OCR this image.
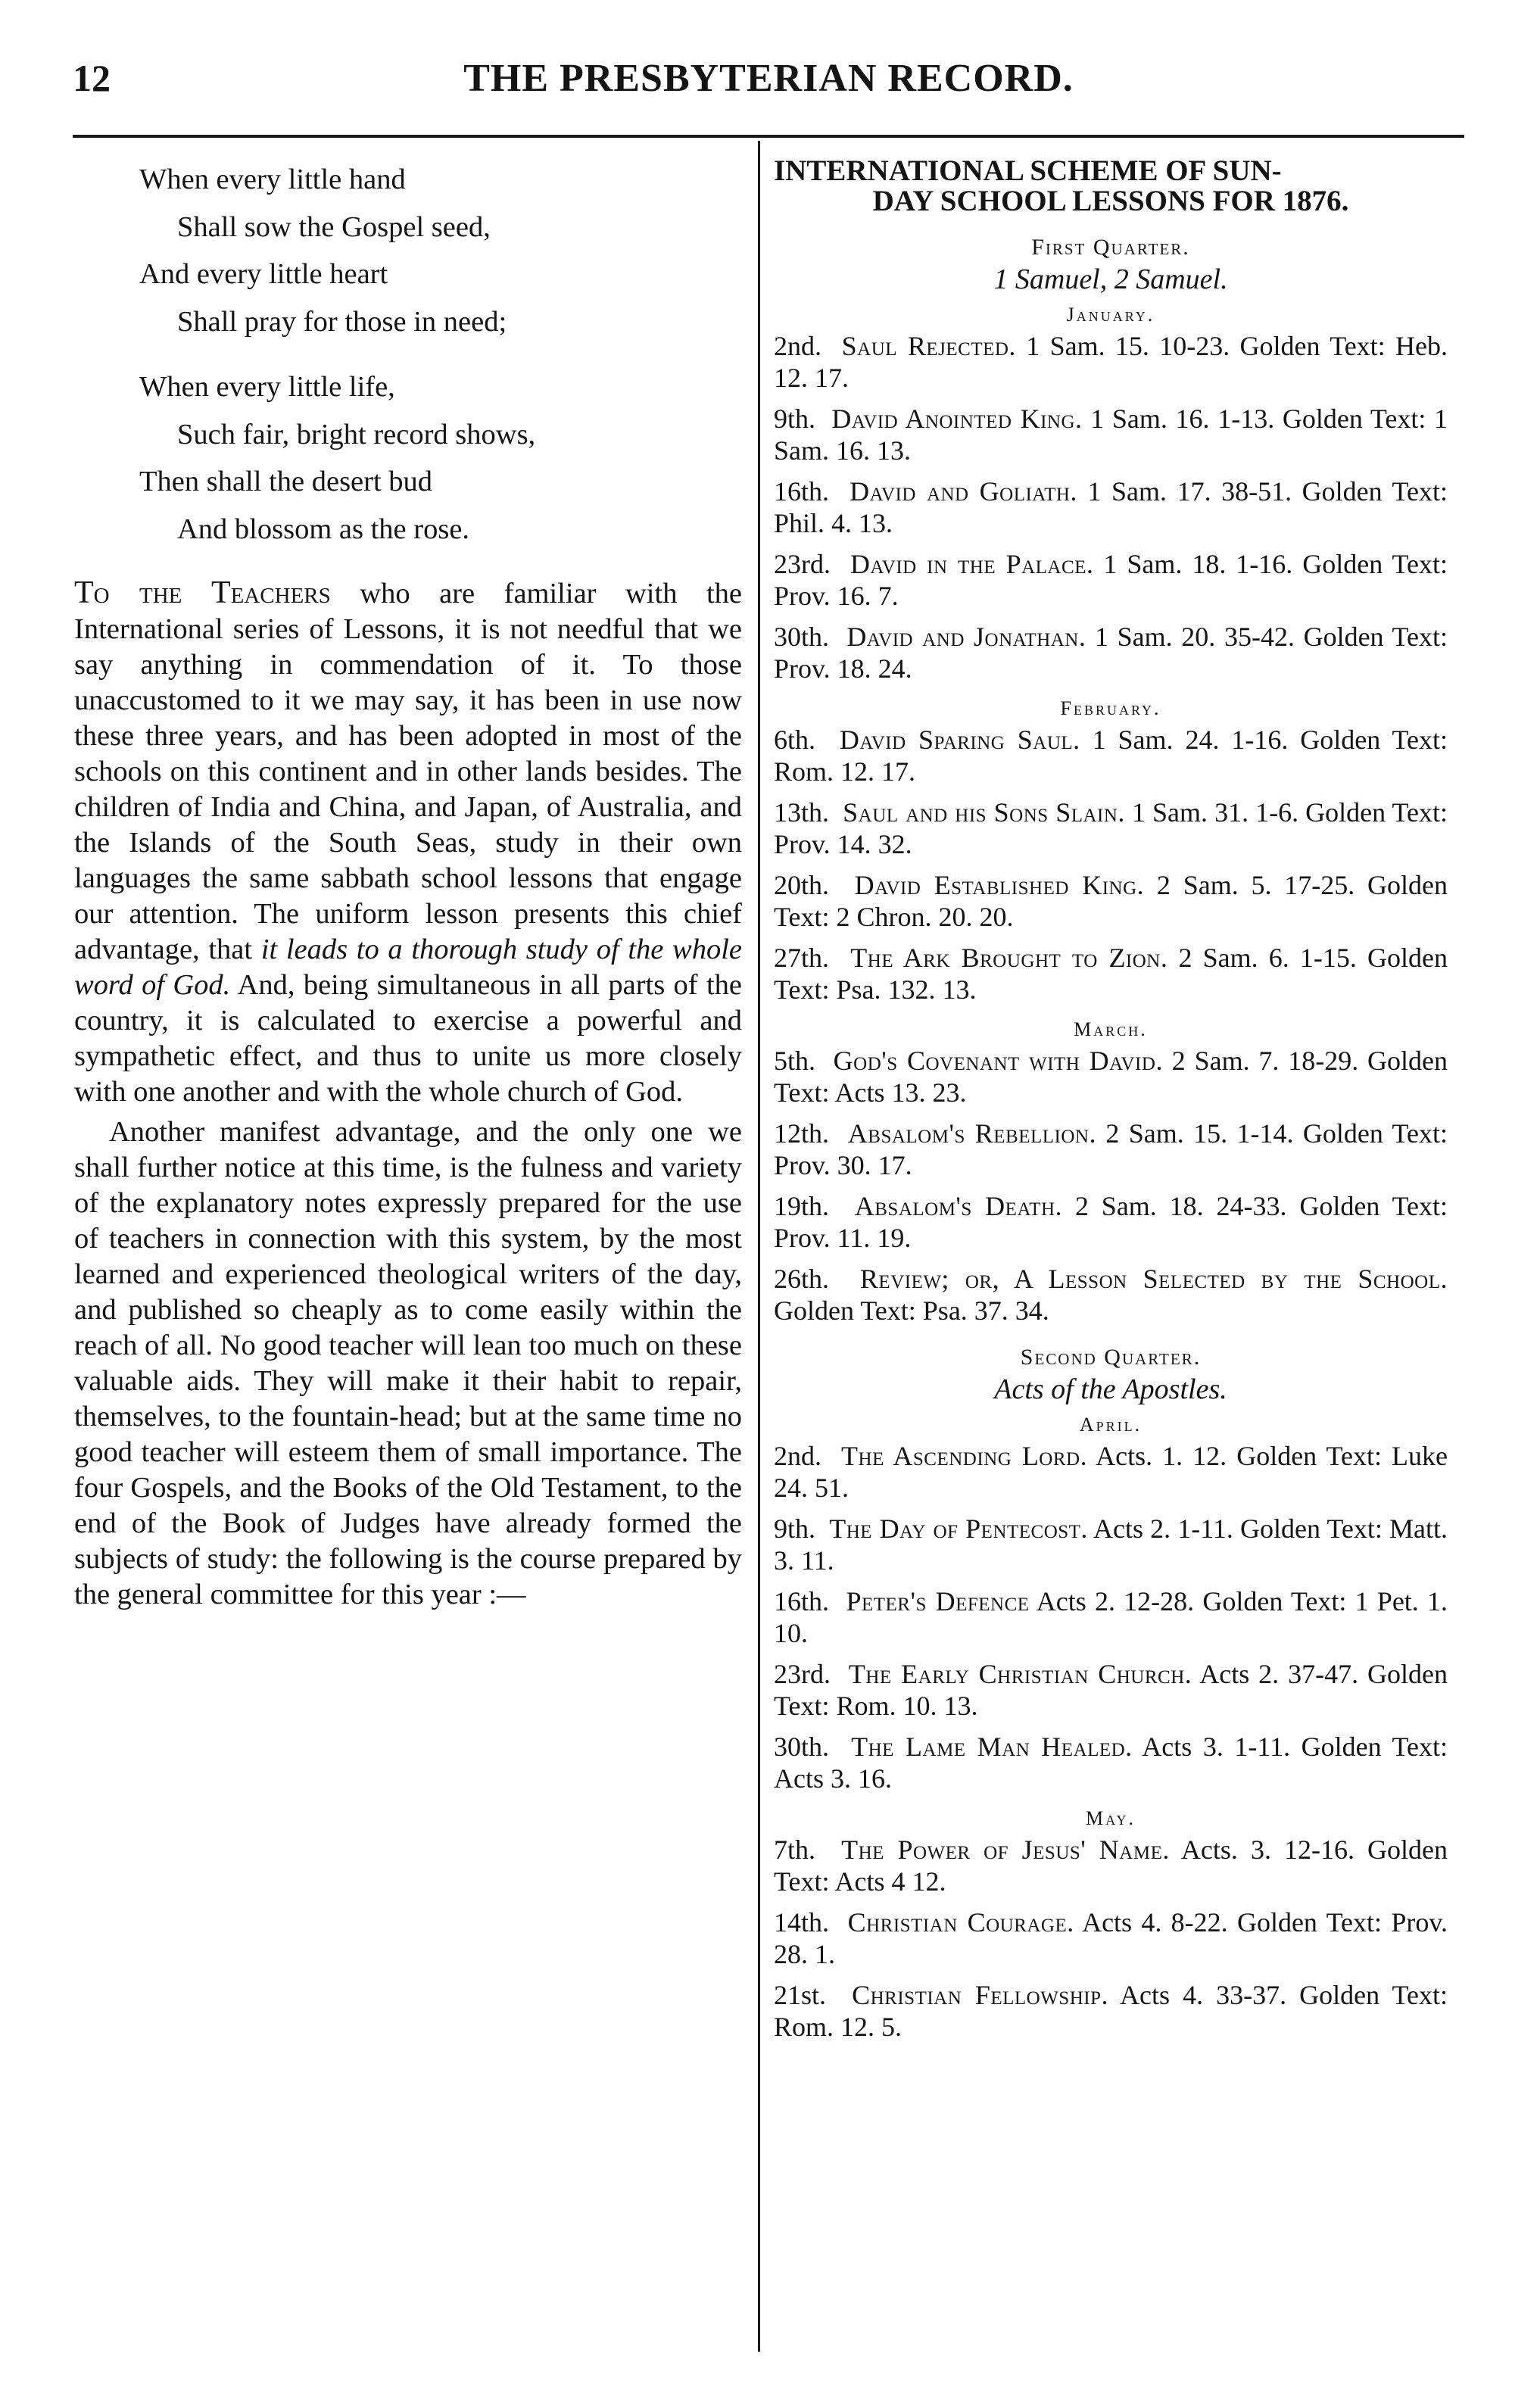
12	THE PRESBYTERIAN RECORD.
When every little hand
Shall sow the Gospel seed,
And every little heart
Shall pray for those in need;
When every little life,
Such fair, bright record shows,
Then shall the desert bud
And blossom as the rose.

To the Teachers who are familiar with the International series of Lessons, it is not needful that we say anything in commendation of it. To those unaccustomed to it we may say, it has been in use now these three years, and has been adopted in most of the schools on this continent and in other lands besides. The children of India and China, and Japan, of Australia, and the Islands of the South Seas, study in their own languages the same sabbath school lessons that engage our attention. The uniform lesson presents this chief advantage, that it leads to a thorough study of the whole word of God. And, being simultaneous in all parts of the country, it is calculated to exercise a powerful and sympathetic effect, and thus to unite us more closely with one another and with the whole church of God.

Another manifest advantage, and the only one we shall further notice at this time, is the fulness and variety of the explanatory notes expressly prepared for the use of teachers in connection with this system, by the most learned and experienced theological writers of the day, and published so cheaply as to come easily within the reach of all. No good teacher will lean too much on these valuable aids. They will make it their habit to repair, themselves, to the fountain-head; but at the same time no good teacher will esteem them of small importance. The four Gospels, and the Books of the Old Testament, to the end of the Book of Judges have already formed the subjects of study: the following is the course prepared by the general committee for this year :—

INTERNATIONAL SCHEME OF SUN-
DAY SCHOOL LESSONS FOR 1876.
First Quarter.
1 Samuel, 2 Samuel.
January.

2nd. Saul Rejected. 1 Sam. 15. 10-23. Golden Text: Heb. 12. 17.

9th. David Anointed King. 1 Sam. 16. 1-13. Golden Text: 1 Sam. 16. 13.

16th. David and Goliath. 1 Sam. 17. 38-51. Golden Text: Phil. 4. 13.

23rd. David in the Palace. 1 Sam. 18. 1-16. Golden Text: Prov. 16. 7.

30th. David and Jonathan. 1 Sam. 20. 35-42. Golden Text: Prov. 18. 24.

February.

6th. David Sparing Saul. 1 Sam. 24. 1-16. Golden Text: Rom. 12. 17.

13th. Saul and his Sons Slain. 1 Sam. 31. 1-6. Golden Text: Prov. 14. 32.

20th. David Established King. 2 Sam. 5. 17-25. Golden Text: 2 Chron. 20. 20.

27th. The Ark Brought to Zion. 2 Sam. 6. 1-15. Golden Text: Psa. 132. 13.

March.

5th. God's Covenant with David. 2 Sam. 7. 18-29. Golden Text: Acts 13. 23.

12th. Absalom's Rebellion. 2 Sam. 15. 1-14. Golden Text: Prov. 30. 17.

19th. Absalom's Death. 2 Sam. 18. 24-33. Golden Text: Prov. 11. 19.

26th. Review; or, A Lesson Selected by the School. Golden Text: Psa. 37. 34.

Second Quarter.
Acts of the Apostles.
April.

2nd. The Ascending Lord. Acts. 1. 12. Golden Text: Luke 24. 51.

9th. The Day of Pentecost. Acts 2. 1-11. Golden Text: Matt. 3. 11.

16th. Peter's Defence Acts 2. 12-28. Golden Text: 1 Pet. 1. 10.

23rd. The Early Christian Church. Acts 2. 37-47. Golden Text: Rom. 10. 13.

30th. The Lame Man Healed. Acts 3. 1-11. Golden Text: Acts 3. 16.

May.

7th. The Power of Jesus' Name. Acts. 3. 12-16. Golden Text: Acts 4 12.

14th. Christian Courage. Acts 4. 8-22. Golden Text: Prov. 28. 1.

21st. Christian Fellowship. Acts 4. 33-37. Golden Text: Rom. 12. 5.
